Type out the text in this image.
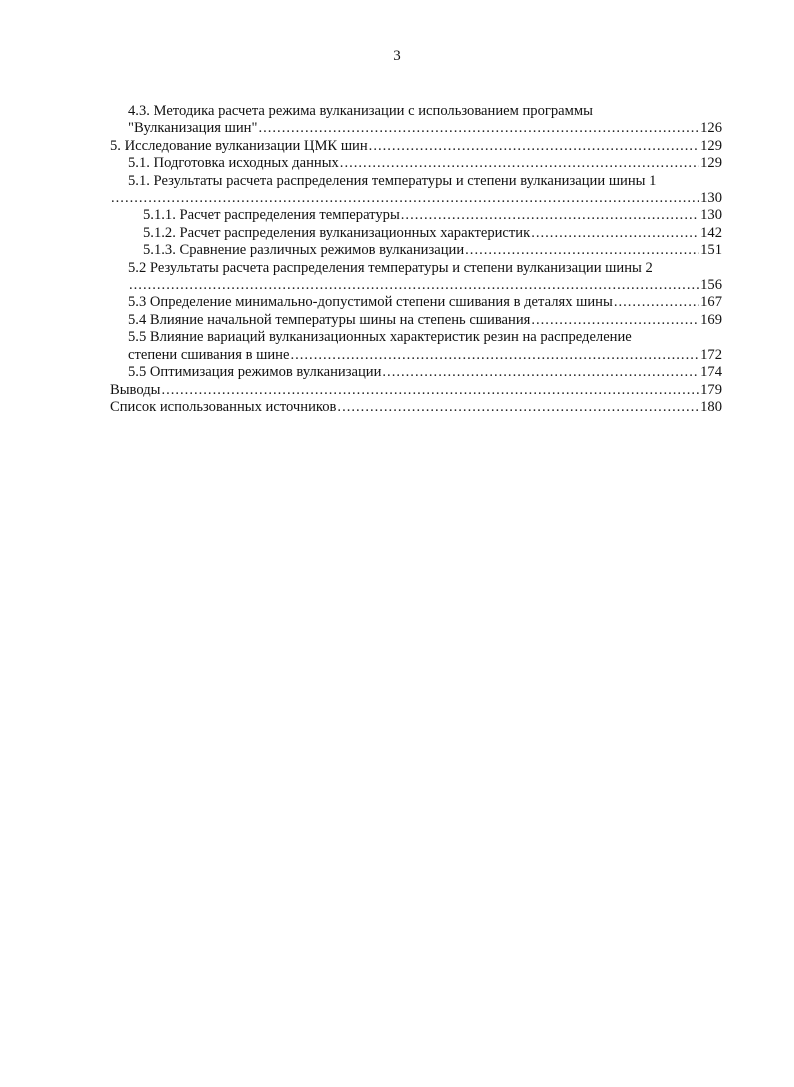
3
4.3. Методика расчета режима вулканизации с использованием программы
"Вулканизация шин" .....	126
5. Исследование вулканизации ЦМК шин .....	129
5.1. Подготовка исходных данных .....	129
5.1. Результаты расчета распределения температуры и степени вулканизации шины 1
.....
130
5.1.1. Расчет распределения температуры .....	130
5.1.2. Расчет распределения вулканизационных характеристик .....	142
5.1.3. Сравнение различных режимов вулканизации .....	151
5.2 Результаты расчета распределения температуры и степени вулканизации шины 2
.....
156
5.3 Определение минимально-допустимой степени сшивания в деталях шины .....	167
5.4 Влияние начальной температуры шины на степень сшивания .....	169
5.5 Влияние вариаций вулканизационных характеристик резин на распределение
степени сшивания в шине .....	172
5.5 Оптимизация режимов вулканизации .....	174
Выводы .....	179
Список использованных источников .....	180
